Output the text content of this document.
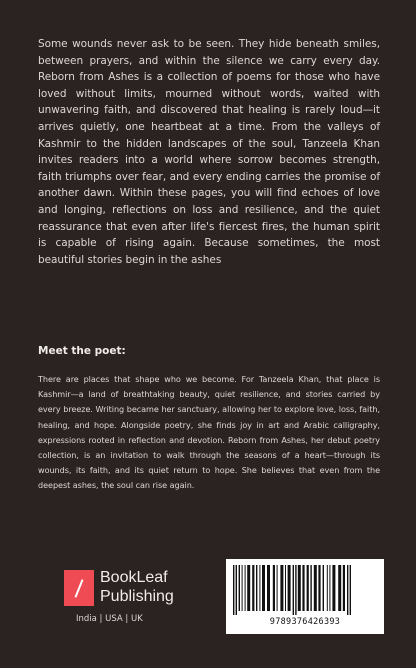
Some wounds never ask to be seen. They hide beneath smiles, between prayers, and within the silence we carry every day. Reborn from Ashes is a collection of poems for those who have loved without limits, mourned without words, waited with unwavering faith, and discovered that healing is rarely loud—it arrives quietly, one heartbeat at a time. From the valleys of Kashmir to the hidden landscapes of the soul, Tanzeela Khan invites readers into a world where sorrow becomes strength, faith triumphs over fear, and every ending carries the promise of another dawn. Within these pages, you will find echoes of love and longing, reflections on loss and resilience, and the quiet reassurance that even after life's fiercest fires, the human spirit is capable of rising again. Because sometimes, the most beautiful stories begin in the ashes

Meet the poet:

There are places that shape who we become. For Tanzeela Khan, that place is Kashmir—a land of breathtaking beauty, quiet resilience, and stories carried by every breeze. Writing became her sanctuary, allowing her to explore love, loss, faith, healing, and hope. Alongside poetry, she finds joy in art and Arabic calligraphy, expressions rooted in reflection and devotion. Reborn from Ashes, her debut poetry collection, is an invitation to walk through the seasons of a heart—through its wounds, its faith, and its quiet return to hope. She believes that even from the deepest ashes, the soul can rise again.

BookLeaf
Publishing
India | USA | UK	9789376426393
